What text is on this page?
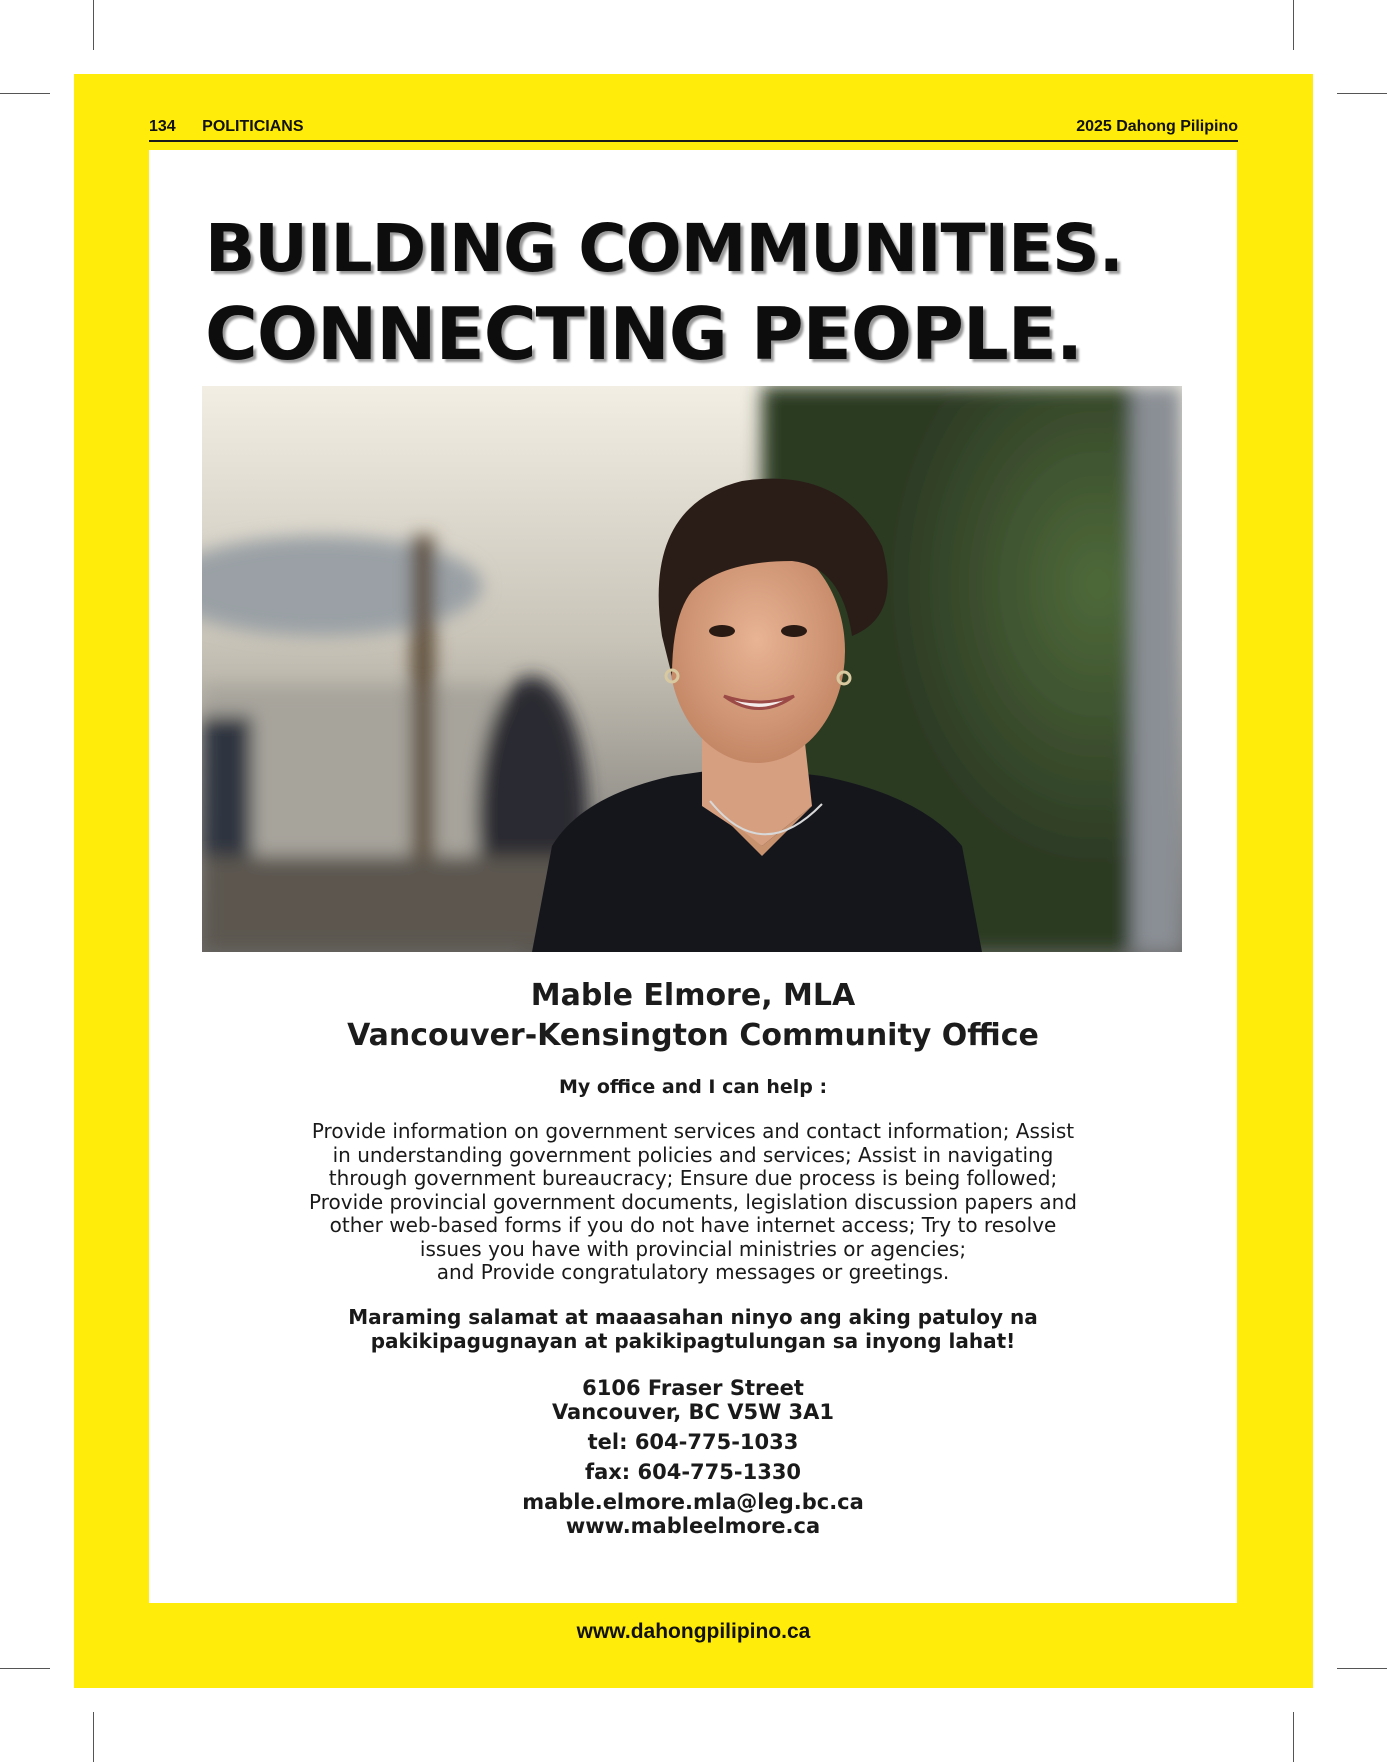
134 POLITICIANS	2025 Dahong Pilipino
BUILDING COMMUNITIES.
CONNECTING PEOPLE.
Mable Elmore, MLA
Vancouver-Kensington Community Office
My office and I can help :

Provide information on government services and contact information; Assist

in understanding government policies and services; Assist in navigating

through government bureaucracy; Ensure due process is being followed;

Provide provincial government documents, legislation discussion papers and

other web-based forms if you do not have internet access; Try to resolve

issues you have with provincial ministries or agencies;

and Provide congratulatory messages or greetings.

Maraming salamat at maaasahan ninyo ang aking patuloy na
pakikipagugnayan at pakikipagtulungan sa inyong lahat!
6106 Fraser Street
Vancouver, BC V5W 3A1
tel: 604-775-1033
fax: 604-775-1330
mable.elmore.mla@leg.bc.ca
www.mableelmore.ca
www.dahongpilipino.ca
